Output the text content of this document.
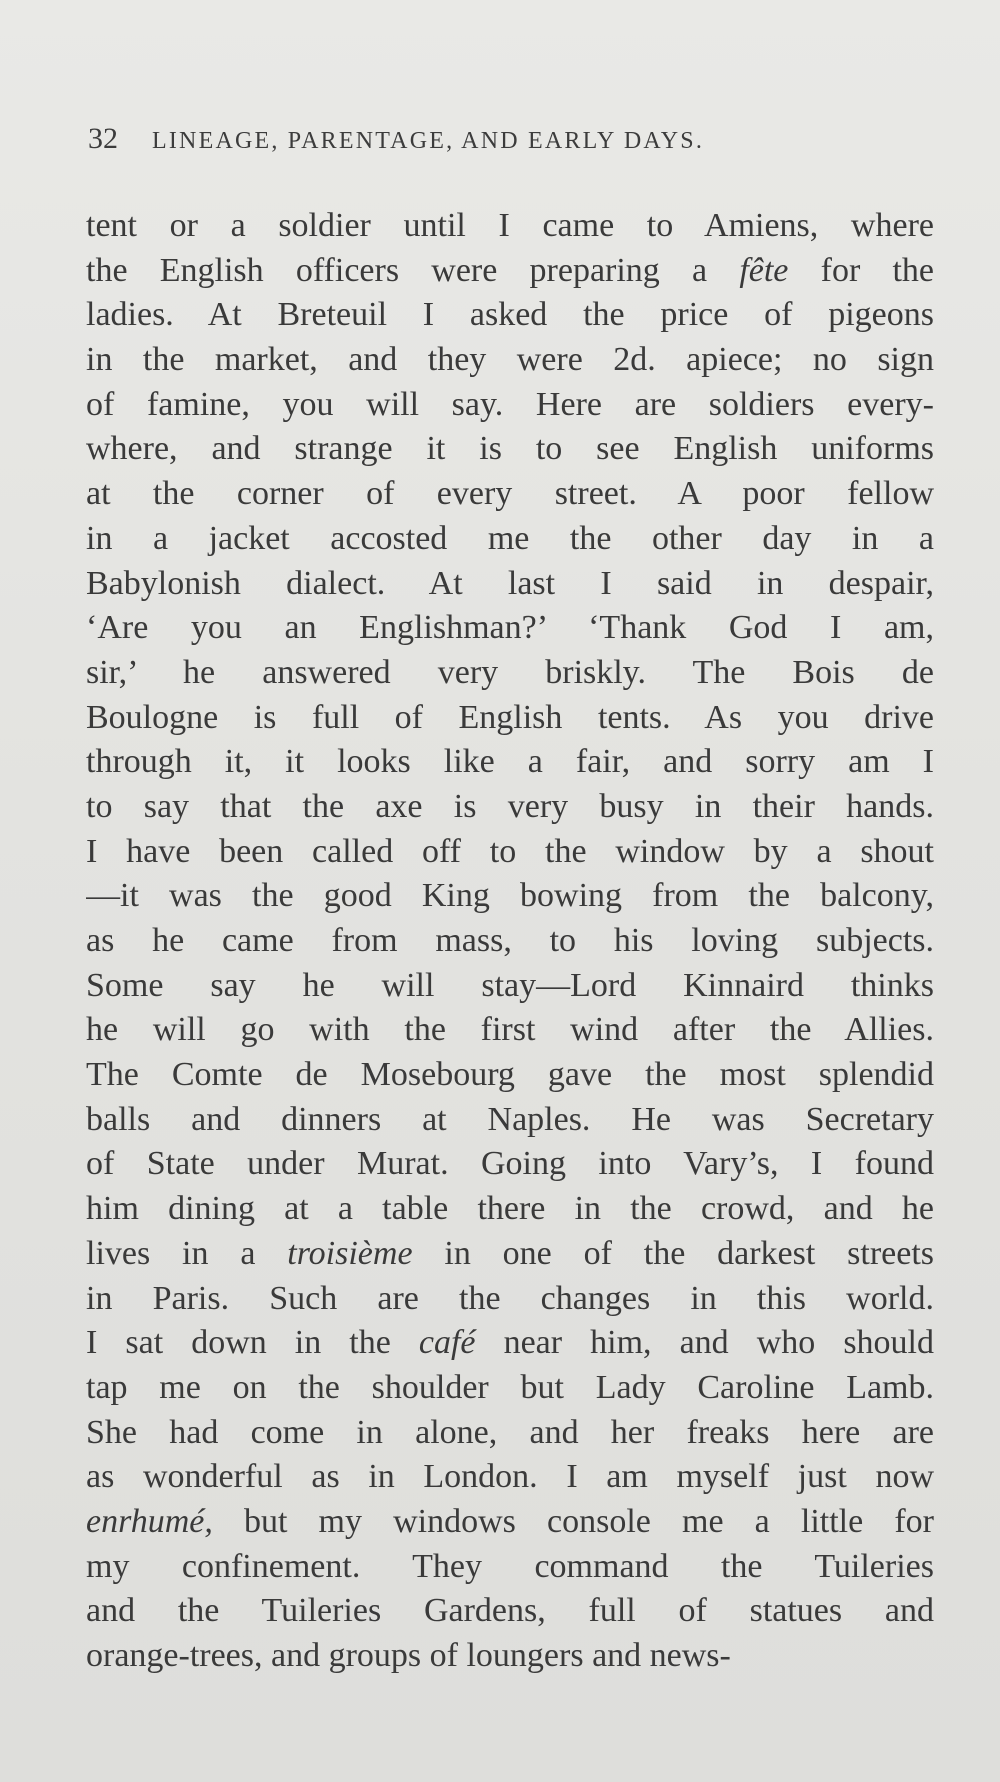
32 LINEAGE, PARENTAGE, AND EARLY DAYS.
tent or a soldier until I came to Amiens, where
the English officers were preparing a fête for the
ladies. At Breteuil I asked the price of pigeons
in the market, and they were 2d. apiece; no sign
of famine, you will say. Here are soldiers every-
where, and strange it is to see English uniforms
at the corner of every street. A poor fellow
in a jacket accosted me the other day in a
Babylonish dialect. At last I said in despair,
‘Are you an Englishman?’ ‘Thank God I am,
sir,’ he answered very briskly. The Bois de
Boulogne is full of English tents. As you drive
through it, it looks like a fair, and sorry am I
to say that the axe is very busy in their hands.
I have been called off to the window by a shout
—it was the good King bowing from the balcony,
as he came from mass, to his loving subjects.
Some say he will stay—Lord Kinnaird thinks
he will go with the first wind after the Allies.
The Comte de Mosebourg gave the most splendid
balls and dinners at Naples. He was Secretary
of State under Murat. Going into Vary’s, I found
him dining at a table there in the crowd, and he
lives in a troisième in one of the darkest streets
in Paris. Such are the changes in this world.
I sat down in the café near him, and who should
tap me on the shoulder but Lady Caroline Lamb.
She had come in alone, and her freaks here are
as wonderful as in London. I am myself just now
enrhumé, but my windows console me a little for
my confinement. They command the Tuileries
and the Tuileries Gardens, full of statues and
orange-trees, and groups of loungers and news-
